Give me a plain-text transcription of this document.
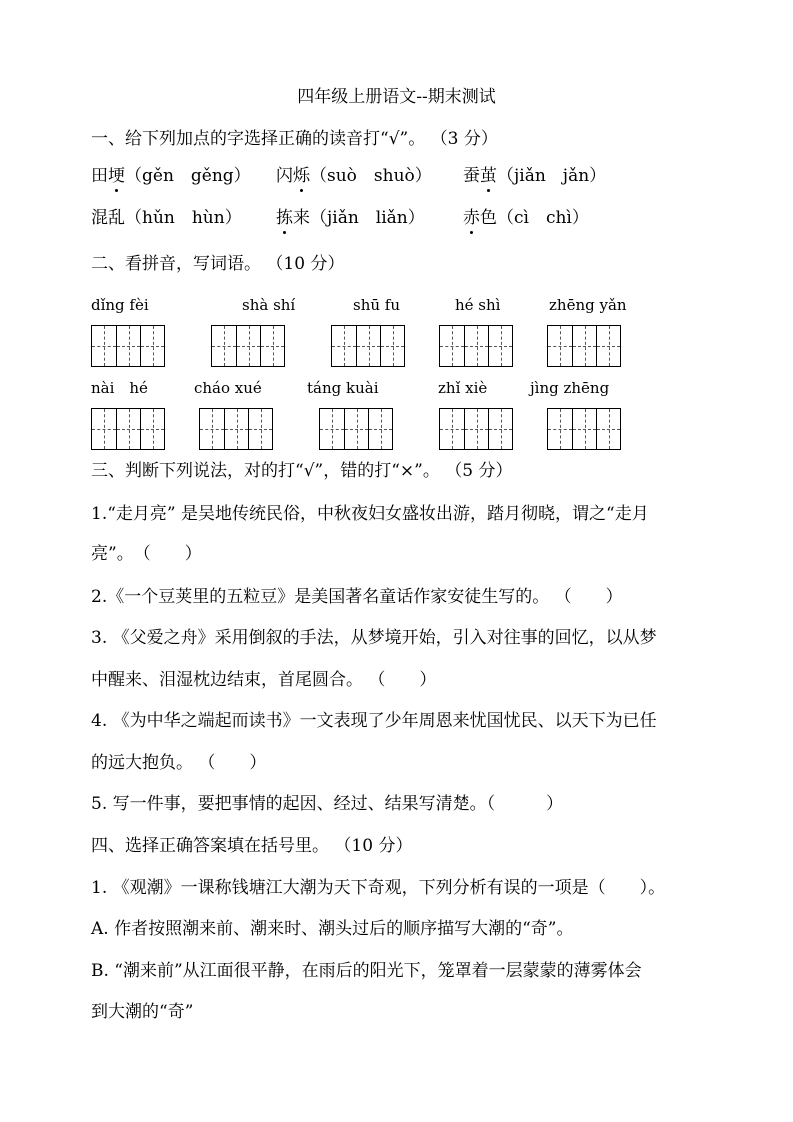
四年级上册语文--期末测试
一、给下列加点的字选择正确的读音打“√”。 （3 分）
田埂（gěn　gěng） 闪烁（suò　shuò） 蚕茧（jiǎn　jǎn）
混乱（hǔn　hùn） 拣来（jiǎn　liǎn） 赤色（cì　chì）
二、看拼音，写词语。 （10 分）
dǐng fèi	shà shí	shū fu	hé shì	zhēng yǎn
nài　hé	cháo xué	táng kuài	zhǐ xiè	jìng zhēng
三、判断下列说法，对的打“√”，错的打“×”。 （5 分）
1.“走月亮” 是吴地传统民俗，中秋夜妇女盛妆出游，踏月彻晓，谓之“走月
亮”。　（　　）
2.《一个豆荚里的五粒豆》是美国著名童话作家安徒生写的。 （　　）
3. 《父爱之舟》采用倒叙的手法，从梦境开始，引入对往事的回忆，以从梦
中醒来、泪湿枕边结束，首尾圆合。 （　　）
4. 《为中华之端起而读书》一文表现了少年周恩来忧国忧民、以天下为已任
的远大抱负。 （　　）
5. 写一件事，要把事情的起因、经过、结果写清楚。（　　　）
四、选择正确答案填在括号里。 （10 分）
1. 《观潮》一课称钱塘江大潮为天下奇观，下列分析有误的一项是（　　）。
A. 作者按照潮来前、潮来时、潮头过后的顺序描写大潮的“奇”。
B. “潮来前”从江面很平静，在雨后的阳光下，笼罩着一层蒙蒙的薄雾体会
到大潮的“奇”
